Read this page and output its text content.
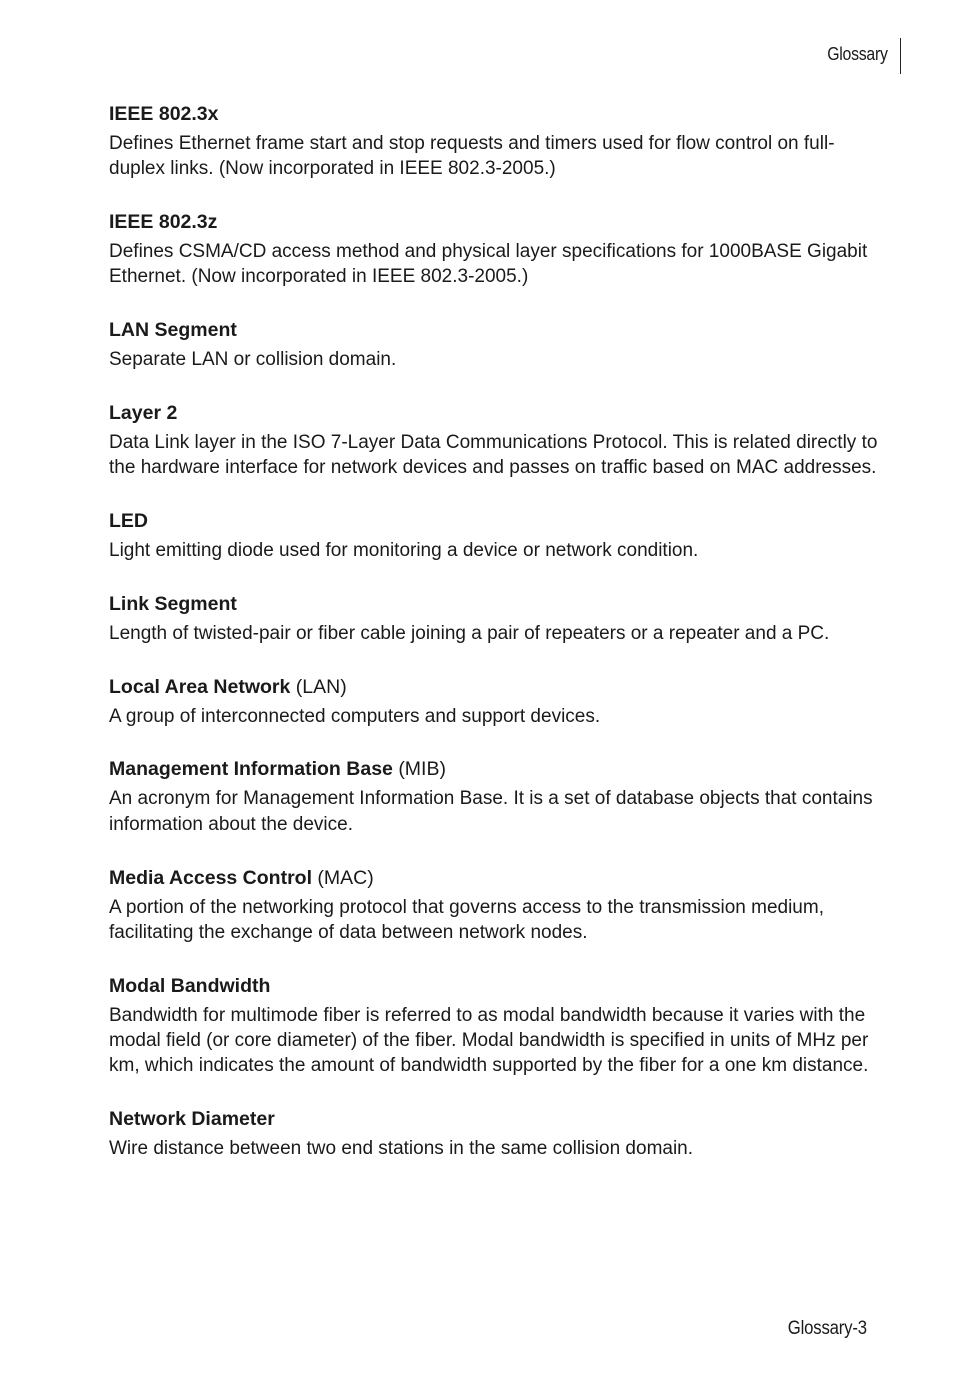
Glossary

IEEE 802.3x

Defines Ethernet frame start and stop requests and timers used for flow control on full-duplex links. (Now incorporated in IEEE 802.3-2005.)

IEEE 802.3z

Defines CSMA/CD access method and physical layer specifications for 1000BASE Gigabit Ethernet. (Now incorporated in IEEE 802.3-2005.)

LAN Segment

Separate LAN or collision domain.

Layer 2

Data Link layer in the ISO 7-Layer Data Communications Protocol. This is related directly to the hardware interface for network devices and passes on traffic based on MAC addresses.

LED

Light emitting diode used for monitoring a device or network condition.

Link Segment

Length of twisted-pair or fiber cable joining a pair of repeaters or a repeater and a PC.

Local Area Network (LAN)

A group of interconnected computers and support devices.

Management Information Base (MIB)

An acronym for Management Information Base. It is a set of database objects that contains information about the device.

Media Access Control (MAC)

A portion of the networking protocol that governs access to the transmission medium, facilitating the exchange of data between network nodes.

Modal Bandwidth

Bandwidth for multimode fiber is referred to as modal bandwidth because it varies with the modal field (or core diameter) of the fiber. Modal bandwidth is specified in units of MHz per km, which indicates the amount of bandwidth supported by the fiber for a one km distance.

Network Diameter

Wire distance between two end stations in the same collision domain.

Glossary-3
